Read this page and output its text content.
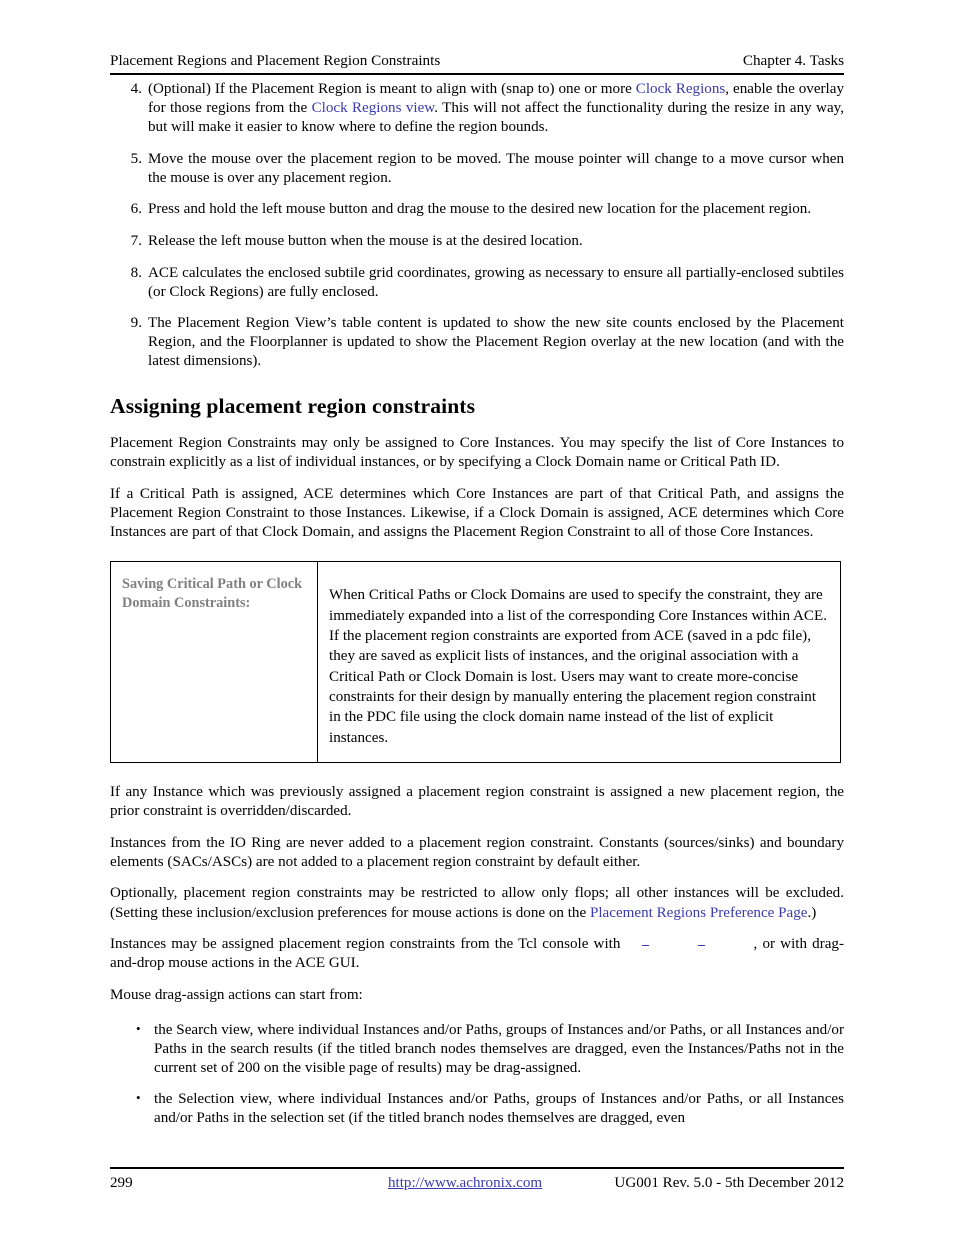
Placement Regions and Placement Region Constraints	Chapter 4. Tasks
4. (Optional) If the Placement Region is meant to align with (snap to) one or more Clock Regions, enable the overlay for those regions from the Clock Regions view. This will not affect the functionality during the resize in any way, but will make it easier to know where to define the region bounds.

5. Move the mouse over the placement region to be moved. The mouse pointer will change to a move cursor when the mouse is over any placement region.

6. Press and hold the left mouse button and drag the mouse to the desired new location for the placement region.

7. Release the left mouse button when the mouse is at the desired location.

8. ACE calculates the enclosed subtile grid coordinates, growing as necessary to ensure all partially-enclosed subtiles (or Clock Regions) are fully enclosed.

9. The Placement Region View’s table content is updated to show the new site counts enclosed by the Placement Region, and the Floorplanner is updated to show the Placement Region overlay at the new location (and with the latest dimensions).

Assigning placement region constraints

Placement Region Constraints may only be assigned to Core Instances. You may specify the list of Core Instances to constrain explicitly as a list of individual instances, or by specifying a Clock Domain name or Critical Path ID.

If a Critical Path is assigned, ACE determines which Core Instances are part of that Critical Path, and assigns the Placement Region Constraint to those Instances. Likewise, if a Clock Domain is assigned, ACE determines which Core Instances are part of that Clock Domain, and assigns the Placement Region Constraint to all of those Core Instances.

Saving Critical Path or Clock Domain Constraints:	When Critical Paths or Clock Domains are used to specify the constraint, they are immediately expanded into a list of the corresponding Core Instances within ACE. If the placement region constraints are exported from ACE (saved in a pdc file), they are saved as explicit lists of instances, and the original association with a Critical Path or Clock Domain is lost. Users may want to create more-concise constraints for their design by manually entering the placement region constraint in the PDC file using the clock domain name instead of the list of explicit instances.

If any Instance which was previously assigned a placement region constraint is assigned a new placement region, the prior constraint is overridden/discarded.

Instances from the IO Ring are never added to a placement region constraint. Constants (sources/sinks) and boundary elements (SACs/ASCs) are not added to a placement region constraint by default either.

Optionally, placement region constraints may be restricted to allow only flops; all other instances will be excluded. (Setting these inclusion/exclusion preferences for mouse actions is done on the Placement Regions Preference Page.)

Instances may be assigned placement region constraints from the Tcl console with	, or with drag-and-drop mouse actions in the ACE GUI.

Mouse drag-assign actions can start from:

• the Search view, where individual Instances and/or Paths, groups of Instances and/or Paths, or all Instances and/or Paths in the search results (if the titled branch nodes themselves are dragged, even the Instances/Paths not in the current set of 200 on the visible page of results) may be drag-assigned.

• the Selection view, where individual Instances and/or Paths, groups of Instances and/or Paths, or all Instances and/or Paths in the selection set (if the titled branch nodes themselves are dragged, even

299	http://www.achronix.com	UG001 Rev. 5.0 - 5th December 2012
